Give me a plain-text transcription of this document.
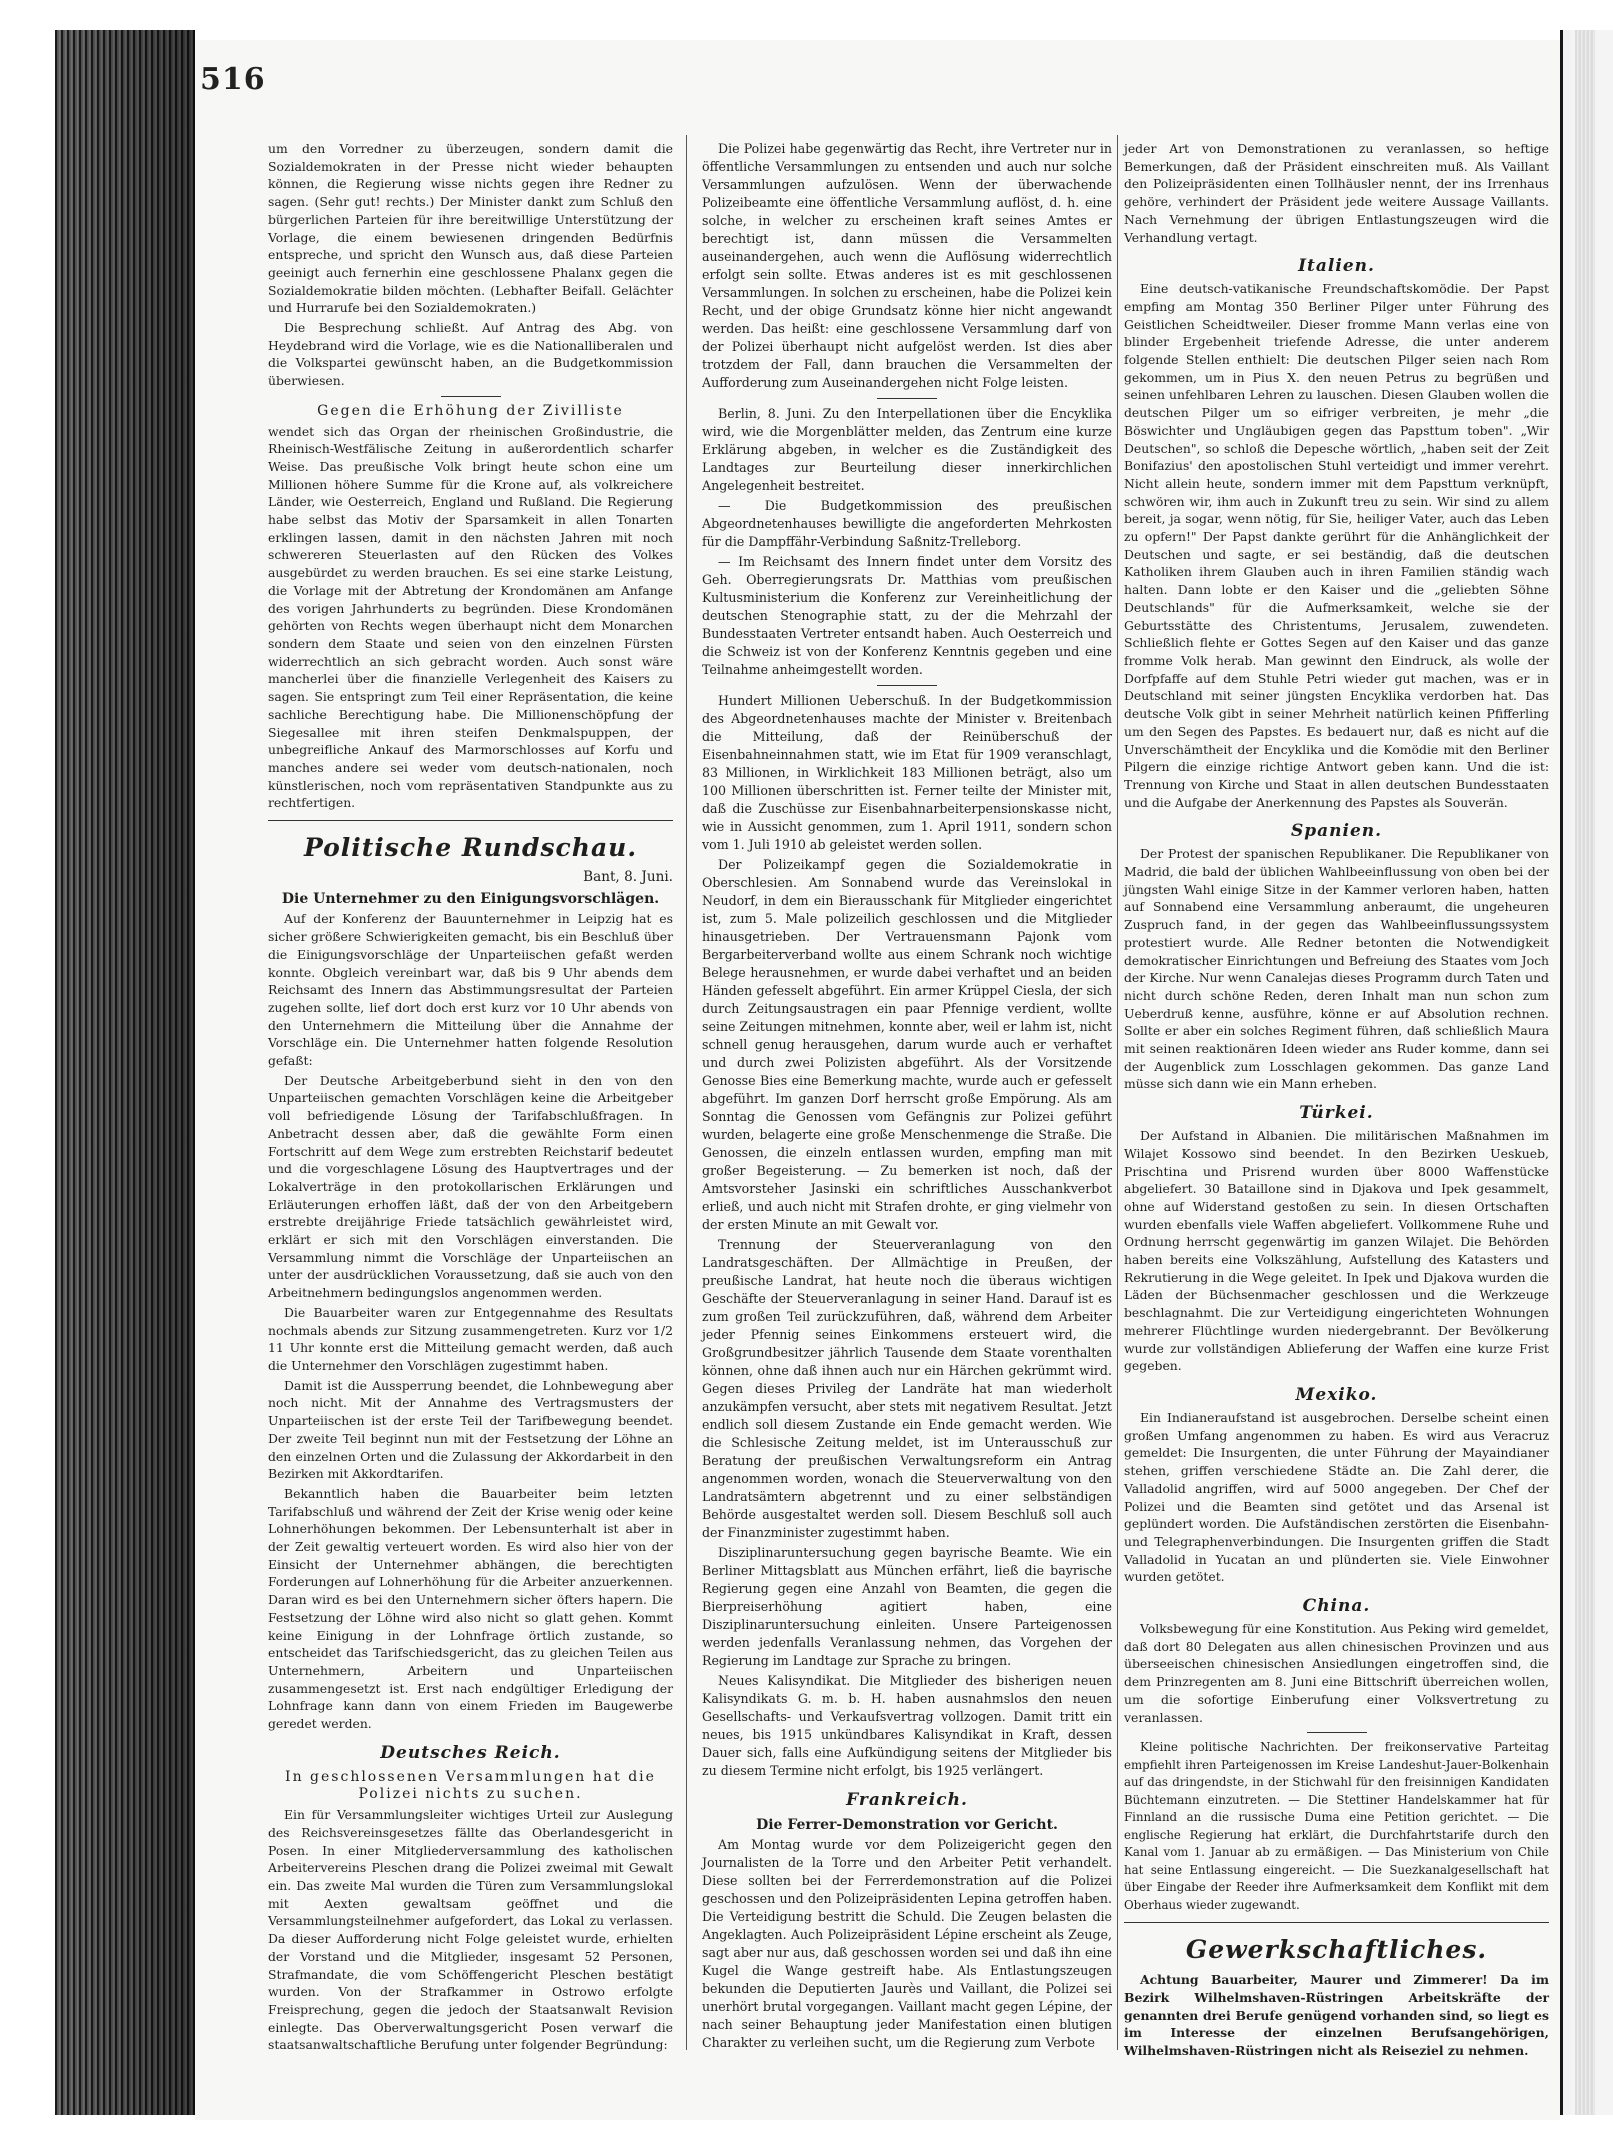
516

um den Vorredner zu überzeugen, sondern damit die Sozialdemokraten in der Presse nicht wieder behaupten können, die Regierung wisse nichts gegen ihre Redner zu sagen. (Sehr gut! rechts.) Der Minister dankt zum Schluß den bürgerlichen Parteien für ihre bereitwillige Unterstützung der Vorlage, die einem bewiesenen dringenden Bedürfnis entspreche, und spricht den Wunsch aus, daß diese Parteien geeinigt auch fernerhin eine geschlossene Phalanx gegen die Sozialdemokratie bilden möchten. (Lebhafter Beifall. Gelächter und Hurrarufe bei den Sozialdemokraten.)

Die Besprechung schließt. Auf Antrag des Abg. von Heydebrand wird die Vorlage, wie es die Nationalliberalen und die Volkspartei gewünscht haben, an die Budgetkommission überwiesen.

Gegen die Erhöhung der Zivilliste

wendet sich das Organ der rheinischen Großindustrie, die Rheinisch-Westfälische Zeitung in außerordentlich scharfer Weise. Das preußische Volk bringt heute schon eine um Millionen höhere Summe für die Krone auf, als volkreichere Länder, wie Oesterreich, England und Rußland. Die Regierung habe selbst das Motiv der Sparsamkeit in allen Tonarten erklingen lassen, damit in den nächsten Jahren mit noch schwereren Steuerlasten auf den Rücken des Volkes ausgebürdet zu werden brauchen. Es sei eine starke Leistung, die Vorlage mit der Abtretung der Krondomänen am Anfange des vorigen Jahrhunderts zu begründen. Diese Krondomänen gehörten von Rechts wegen überhaupt nicht dem Monarchen sondern dem Staate und seien von den einzelnen Fürsten widerrechtlich an sich gebracht worden. Auch sonst wäre mancherlei über die finanzielle Verlegenheit des Kaisers zu sagen. Sie entspringt zum Teil einer Repräsentation, die keine sachliche Berechtigung habe. Die Millionenschöpfung der Siegesallee mit ihren steifen Denkmalspuppen, der unbegreifliche Ankauf des Marmorschlosses auf Korfu und manches andere sei weder vom deutsch-nationalen, noch künstlerischen, noch vom repräsentativen Standpunkte aus zu rechtfertigen.

Politische Rundschau.
Bant, 8. Juni.
Die Unternehmer zu den Einigungsvorschlägen.

Auf der Konferenz der Bauunternehmer in Leipzig hat es sicher größere Schwierigkeiten gemacht, bis ein Beschluß über die Einigungsvorschläge der Unparteiischen gefaßt werden konnte. Obgleich vereinbart war, daß bis 9 Uhr abends dem Reichsamt des Innern das Abstimmungsresultat der Parteien zugehen sollte, lief dort doch erst kurz vor 10 Uhr abends von den Unternehmern die Mitteilung über die Annahme der Vorschläge ein. Die Unternehmer hatten folgende Resolution gefaßt:

Der Deutsche Arbeitgeberbund sieht in den von den Unparteiischen gemachten Vorschlägen keine die Arbeitgeber voll befriedigende Lösung der Tarifabschlußfragen. In Anbetracht dessen aber, daß die gewählte Form einen Fortschritt auf dem Wege zum erstrebten Reichstarif bedeutet und die vorgeschlagene Lösung des Hauptvertrages und der Lokalverträge in den protokollarischen Erklärungen und Erläuterungen erhoffen läßt, daß der von den Arbeitgebern erstrebte dreijährige Friede tatsächlich gewährleistet wird, erklärt er sich mit den Vorschlägen einverstanden. Die Versammlung nimmt die Vorschläge der Unparteiischen an unter der ausdrücklichen Voraussetzung, daß sie auch von den Arbeitnehmern bedingungslos angenommen werden.

Die Bauarbeiter waren zur Entgegennahme des Resultats nochmals abends zur Sitzung zusammengetreten. Kurz vor 1/2 11 Uhr konnte erst die Mitteilung gemacht werden, daß auch die Unternehmer den Vorschlägen zugestimmt haben.

Damit ist die Aussperrung beendet, die Lohnbewegung aber noch nicht. Mit der Annahme des Vertragsmusters der Unparteiischen ist der erste Teil der Tarifbewegung beendet. Der zweite Teil beginnt nun mit der Festsetzung der Löhne an den einzelnen Orten und die Zulassung der Akkordarbeit in den Bezirken mit Akkordtarifen.

Bekanntlich haben die Bauarbeiter beim letzten Tarifabschluß und während der Zeit der Krise wenig oder keine Lohnerhöhungen bekommen. Der Lebensunterhalt ist aber in der Zeit gewaltig verteuert worden. Es wird also hier von der Einsicht der Unternehmer abhängen, die berechtigten Forderungen auf Lohnerhöhung für die Arbeiter anzuerkennen. Daran wird es bei den Unternehmern sicher öfters hapern. Die Festsetzung der Löhne wird also nicht so glatt gehen. Kommt keine Einigung in der Lohnfrage örtlich zustande, so entscheidet das Tarifschiedsgericht, das zu gleichen Teilen aus Unternehmern, Arbeitern und Unparteiischen zusammengesetzt ist. Erst nach endgültiger Erledigung der Lohnfrage kann dann von einem Frieden im Baugewerbe geredet werden.

Deutsches Reich.
In geschlossenen Versammlungen hat die Polizei nichts zu suchen.

Ein für Versammlungsleiter wichtiges Urteil zur Auslegung des Reichsvereinsgesetzes fällte das Oberlandesgericht in Posen. In einer Mitgliederversammlung des katholischen Arbeitervereins Pleschen drang die Polizei zweimal mit Gewalt ein. Das zweite Mal wurden die Türen zum Versammlungslokal mit Aexten gewaltsam geöffnet und die Versammlungsteilnehmer aufgefordert, das Lokal zu verlassen. Da dieser Aufforderung nicht Folge geleistet wurde, erhielten der Vorstand und die Mitglieder, insgesamt 52 Personen, Strafmandate, die vom Schöffengericht Pleschen bestätigt wurden. Von der Strafkammer in Ostrowo erfolgte Freisprechung, gegen die jedoch der Staatsanwalt Revision einlegte. Das Oberverwaltungsgericht Posen verwarf die staatsanwaltschaftliche Berufung unter folgender Begründung:

Die Polizei habe gegenwärtig das Recht, ihre Vertreter nur in öffentliche Versammlungen zu entsenden und auch nur solche Versammlungen aufzulösen. Wenn der überwachende Polizeibeamte eine öffentliche Versammlung auflöst, d. h. eine solche, in welcher zu erscheinen kraft seines Amtes er berechtigt ist, dann müssen die Versammelten auseinandergehen, auch wenn die Auflösung widerrechtlich erfolgt sein sollte. Etwas anderes ist es mit geschlossenen Versammlungen. In solchen zu erscheinen, habe die Polizei kein Recht, und der obige Grundsatz könne hier nicht angewandt werden. Das heißt: eine geschlossene Versammlung darf von der Polizei überhaupt nicht aufgelöst werden. Ist dies aber trotzdem der Fall, dann brauchen die Versammelten der Aufforderung zum Auseinandergehen nicht Folge leisten.

Berlin, 8. Juni. Zu den Interpellationen über die Encyklika wird, wie die Morgenblätter melden, das Zentrum eine kurze Erklärung abgeben, in welcher es die Zuständigkeit des Landtages zur Beurteilung dieser innerkirchlichen Angelegenheit bestreitet.

— Die Budgetkommission des preußischen Abgeordnetenhauses bewilligte die angeforderten Mehrkosten für die Dampffähr-Verbindung Saßnitz-Trelleborg.

— Im Reichsamt des Innern findet unter dem Vorsitz des Geh. Oberregierungsrats Dr. Matthias vom preußischen Kultusministerium die Konferenz zur Vereinheitlichung der deutschen Stenographie statt, zu der die Mehrzahl der Bundesstaaten Vertreter entsandt haben. Auch Oesterreich und die Schweiz ist von der Konferenz Kenntnis gegeben und eine Teilnahme anheimgestellt worden.

Hundert Millionen Ueberschuß. In der Budgetkommission des Abgeordnetenhauses machte der Minister v. Breitenbach die Mitteilung, daß der Reinüberschuß der Eisenbahneinnahmen statt, wie im Etat für 1909 veranschlagt, 83 Millionen, in Wirklichkeit 183 Millionen beträgt, also um 100 Millionen überschritten ist. Ferner teilte der Minister mit, daß die Zuschüsse zur Eisenbahnarbeiterpensionskasse nicht, wie in Aussicht genommen, zum 1. April 1911, sondern schon vom 1. Juli 1910 ab geleistet werden sollen.

Der Polizeikampf gegen die Sozialdemokratie in Oberschlesien. Am Sonnabend wurde das Vereinslokal in Neudorf, in dem ein Bierausschank für Mitglieder eingerichtet ist, zum 5. Male polizeilich geschlossen und die Mitglieder hinausgetrieben. Der Vertrauensmann Pajonk vom Bergarbeiterverband wollte aus einem Schrank noch wichtige Belege herausnehmen, er wurde dabei verhaftet und an beiden Händen gefesselt abgeführt. Ein armer Krüppel Ciesla, der sich durch Zeitungsaustragen ein paar Pfennige verdient, wollte seine Zeitungen mitnehmen, konnte aber, weil er lahm ist, nicht schnell genug herausgehen, darum wurde auch er verhaftet und durch zwei Polizisten abgeführt. Als der Vorsitzende Genosse Bies eine Bemerkung machte, wurde auch er gefesselt abgeführt. Im ganzen Dorf herrscht große Empörung. Als am Sonntag die Genossen vom Gefängnis zur Polizei geführt wurden, belagerte eine große Menschenmenge die Straße. Die Genossen, die einzeln entlassen wurden, empfing man mit großer Begeisterung. — Zu bemerken ist noch, daß der Amtsvorsteher Jasinski ein schriftliches Ausschankverbot erließ, und auch nicht mit Strafen drohte, er ging vielmehr von der ersten Minute an mit Gewalt vor.

Trennung der Steuerveranlagung von den Landratsgeschäften. Der Allmächtige in Preußen, der preußische Landrat, hat heute noch die überaus wichtigen Geschäfte der Steuerveranlagung in seiner Hand. Darauf ist es zum großen Teil zurückzuführen, daß, während dem Arbeiter jeder Pfennig seines Einkommens ersteuert wird, die Großgrundbesitzer jährlich Tausende dem Staate vorenthalten können, ohne daß ihnen auch nur ein Härchen gekrümmt wird. Gegen dieses Privileg der Landräte hat man wiederholt anzukämpfen versucht, aber stets mit negativem Resultat. Jetzt endlich soll diesem Zustande ein Ende gemacht werden. Wie die Schlesische Zeitung meldet, ist im Unterausschuß zur Beratung der preußischen Verwaltungsreform ein Antrag angenommen worden, wonach die Steuerverwaltung von den Landratsämtern abgetrennt und zu einer selbständigen Behörde ausgestaltet werden soll. Diesem Beschluß soll auch der Finanzminister zugestimmt haben.

Disziplinaruntersuchung gegen bayrische Beamte. Wie ein Berliner Mittagsblatt aus München erfährt, ließ die bayrische Regierung gegen eine Anzahl von Beamten, die gegen die Bierpreiserhöhung agitiert haben, eine Disziplinaruntersuchung einleiten. Unsere Parteigenossen werden jedenfalls Veranlassung nehmen, das Vorgehen der Regierung im Landtage zur Sprache zu bringen.

Neues Kalisyndikat. Die Mitglieder des bisherigen neuen Kalisyndikats G. m. b. H. haben ausnahmslos den neuen Gesellschafts- und Verkaufsvertrag vollzogen. Damit tritt ein neues, bis 1915 unkündbares Kalisyndikat in Kraft, dessen Dauer sich, falls eine Aufkündigung seitens der Mitglieder bis zu diesem Termine nicht erfolgt, bis 1925 verlängert.

Frankreich.
Die Ferrer-Demonstration vor Gericht.

Am Montag wurde vor dem Polizeigericht gegen den Journalisten de la Torre und den Arbeiter Petit verhandelt. Diese sollten bei der Ferrerdemonstration auf die Polizei geschossen und den Polizeipräsidenten Lepina getroffen haben. Die Verteidigung bestritt die Schuld. Die Zeugen belasten die Angeklagten. Auch Polizeipräsident Lépine erscheint als Zeuge, sagt aber nur aus, daß geschossen worden sei und daß ihn eine Kugel die Wange gestreift habe. Als Entlastungszeugen bekunden die Deputierten Jaurès und Vaillant, die Polizei sei unerhört brutal vorgegangen. Vaillant macht gegen Lépine, der nach seiner Behauptung jeder Manifestation einen blutigen Charakter zu verleihen sucht, um die Regierung zum Verbote

jeder Art von Demonstrationen zu veranlassen, so heftige Bemerkungen, daß der Präsident einschreiten muß. Als Vaillant den Polizeipräsidenten einen Tollhäusler nennt, der ins Irrenhaus gehöre, verhindert der Präsident jede weitere Aussage Vaillants. Nach Vernehmung der übrigen Entlastungszeugen wird die Verhandlung vertagt.

Italien.

Eine deutsch-vatikanische Freundschaftskomödie. Der Papst empfing am Montag 350 Berliner Pilger unter Führung des Geistlichen Scheidtweiler. Dieser fromme Mann verlas eine von blinder Ergebenheit triefende Adresse, die unter anderem folgende Stellen enthielt: Die deutschen Pilger seien nach Rom gekommen, um in Pius X. den neuen Petrus zu begrüßen und seinen unfehlbaren Lehren zu lauschen. Diesen Glauben wollen die deutschen Pilger um so eifriger verbreiten, je mehr „die Böswichter und Ungläubigen gegen das Papsttum toben". „Wir Deutschen", so schloß die Depesche wörtlich, „haben seit der Zeit Bonifazius' den apostolischen Stuhl verteidigt und immer verehrt. Nicht allein heute, sondern immer mit dem Papsttum verknüpft, schwören wir, ihm auch in Zukunft treu zu sein. Wir sind zu allem bereit, ja sogar, wenn nötig, für Sie, heiliger Vater, auch das Leben zu opfern!" Der Papst dankte gerührt für die Anhänglichkeit der Deutschen und sagte, er sei beständig, daß die deutschen Katholiken ihrem Glauben auch in ihren Familien ständig wach halten. Dann lobte er den Kaiser und die „geliebten Söhne Deutschlands" für die Aufmerksamkeit, welche sie der Geburtsstätte des Christentums, Jerusalem, zuwendeten. Schließlich flehte er Gottes Segen auf den Kaiser und das ganze fromme Volk herab. Man gewinnt den Eindruck, als wolle der Dorfpfaffe auf dem Stuhle Petri wieder gut machen, was er in Deutschland mit seiner jüngsten Encyklika verdorben hat. Das deutsche Volk gibt in seiner Mehrheit natürlich keinen Pfifferling um den Segen des Papstes. Es bedauert nur, daß es nicht auf die Unverschämtheit der Encyklika und die Komödie mit den Berliner Pilgern die einzige richtige Antwort geben kann. Und die ist: Trennung von Kirche und Staat in allen deutschen Bundesstaaten und die Aufgabe der Anerkennung des Papstes als Souverän.

Spanien.

Der Protest der spanischen Republikaner. Die Republikaner von Madrid, die bald der üblichen Wahlbeeinflussung von oben bei der jüngsten Wahl einige Sitze in der Kammer verloren haben, hatten auf Sonnabend eine Versammlung anberaumt, die ungeheuren Zuspruch fand, in der gegen das Wahlbeeinflussungssystem protestiert wurde. Alle Redner betonten die Notwendigkeit demokratischer Einrichtungen und Befreiung des Staates vom Joch der Kirche. Nur wenn Canalejas dieses Programm durch Taten und nicht durch schöne Reden, deren Inhalt man nun schon zum Ueberdruß kenne, ausführe, könne er auf Absolution rechnen. Sollte er aber ein solches Regiment führen, daß schließlich Maura mit seinen reaktionären Ideen wieder ans Ruder komme, dann sei der Augenblick zum Losschlagen gekommen. Das ganze Land müsse sich dann wie ein Mann erheben.

Türkei.

Der Aufstand in Albanien. Die militärischen Maßnahmen im Wilajet Kossowo sind beendet. In den Bezirken Ueskueb, Prischtina und Prisrend wurden über 8000 Waffenstücke abgeliefert. 30 Bataillone sind in Djakova und Ipek gesammelt, ohne auf Widerstand gestoßen zu sein. In diesen Ortschaften wurden ebenfalls viele Waffen abgeliefert. Vollkommene Ruhe und Ordnung herrscht gegenwärtig im ganzen Wilajet. Die Behörden haben bereits eine Volkszählung, Aufstellung des Katasters und Rekrutierung in die Wege geleitet. In Ipek und Djakova wurden die Läden der Büchsenmacher geschlossen und die Werkzeuge beschlagnahmt. Die zur Verteidigung eingerichteten Wohnungen mehrerer Flüchtlinge wurden niedergebrannt. Der Bevölkerung wurde zur vollständigen Ablieferung der Waffen eine kurze Frist gegeben.

Mexiko.

Ein Indianeraufstand ist ausgebrochen. Derselbe scheint einen großen Umfang angenommen zu haben. Es wird aus Veracruz gemeldet: Die Insurgenten, die unter Führung der Mayaindianer stehen, griffen verschiedene Städte an. Die Zahl derer, die Valladolid angriffen, wird auf 5000 angegeben. Der Chef der Polizei und die Beamten sind getötet und das Arsenal ist geplündert worden. Die Aufständischen zerstörten die Eisenbahn- und Telegraphenverbindungen. Die Insurgenten griffen die Stadt Valladolid in Yucatan an und plünderten sie. Viele Einwohner wurden getötet.

China.

Volksbewegung für eine Konstitution. Aus Peking wird gemeldet, daß dort 80 Delegaten aus allen chinesischen Provinzen und aus überseeischen chinesischen Ansiedlungen eingetroffen sind, die dem Prinzregenten am 8. Juni eine Bittschrift überreichen wollen, um die sofortige Einberufung einer Volksvertretung zu veranlassen.

Kleine politische Nachrichten. Der freikonservative Parteitag empfiehlt ihren Parteigenossen im Kreise Landeshut-Jauer-Bolkenhain auf das dringendste, in der Stichwahl für den freisinnigen Kandidaten Büchtemann einzutreten. — Die Stettiner Handelskammer hat für Finnland an die russische Duma eine Petition gerichtet. — Die englische Regierung hat erklärt, die Durchfahrtstarife durch den Kanal vom 1. Januar ab zu ermäßigen. — Das Ministerium von Chile hat seine Entlassung eingereicht. — Die Suezkanalgesellschaft hat über Eingabe der Reeder ihre Aufmerksamkeit dem Konflikt mit dem Oberhaus wieder zugewandt.

Gewerkschaftliches.

Achtung Bauarbeiter, Maurer und Zimmerer! Da im Bezirk Wilhelmshaven-Rüstringen Arbeitskräfte der genannten drei Berufe genügend vorhanden sind, so liegt es im Interesse der einzelnen Berufsangehörigen, Wilhelmshaven-Rüstringen nicht als Reiseziel zu nehmen.
